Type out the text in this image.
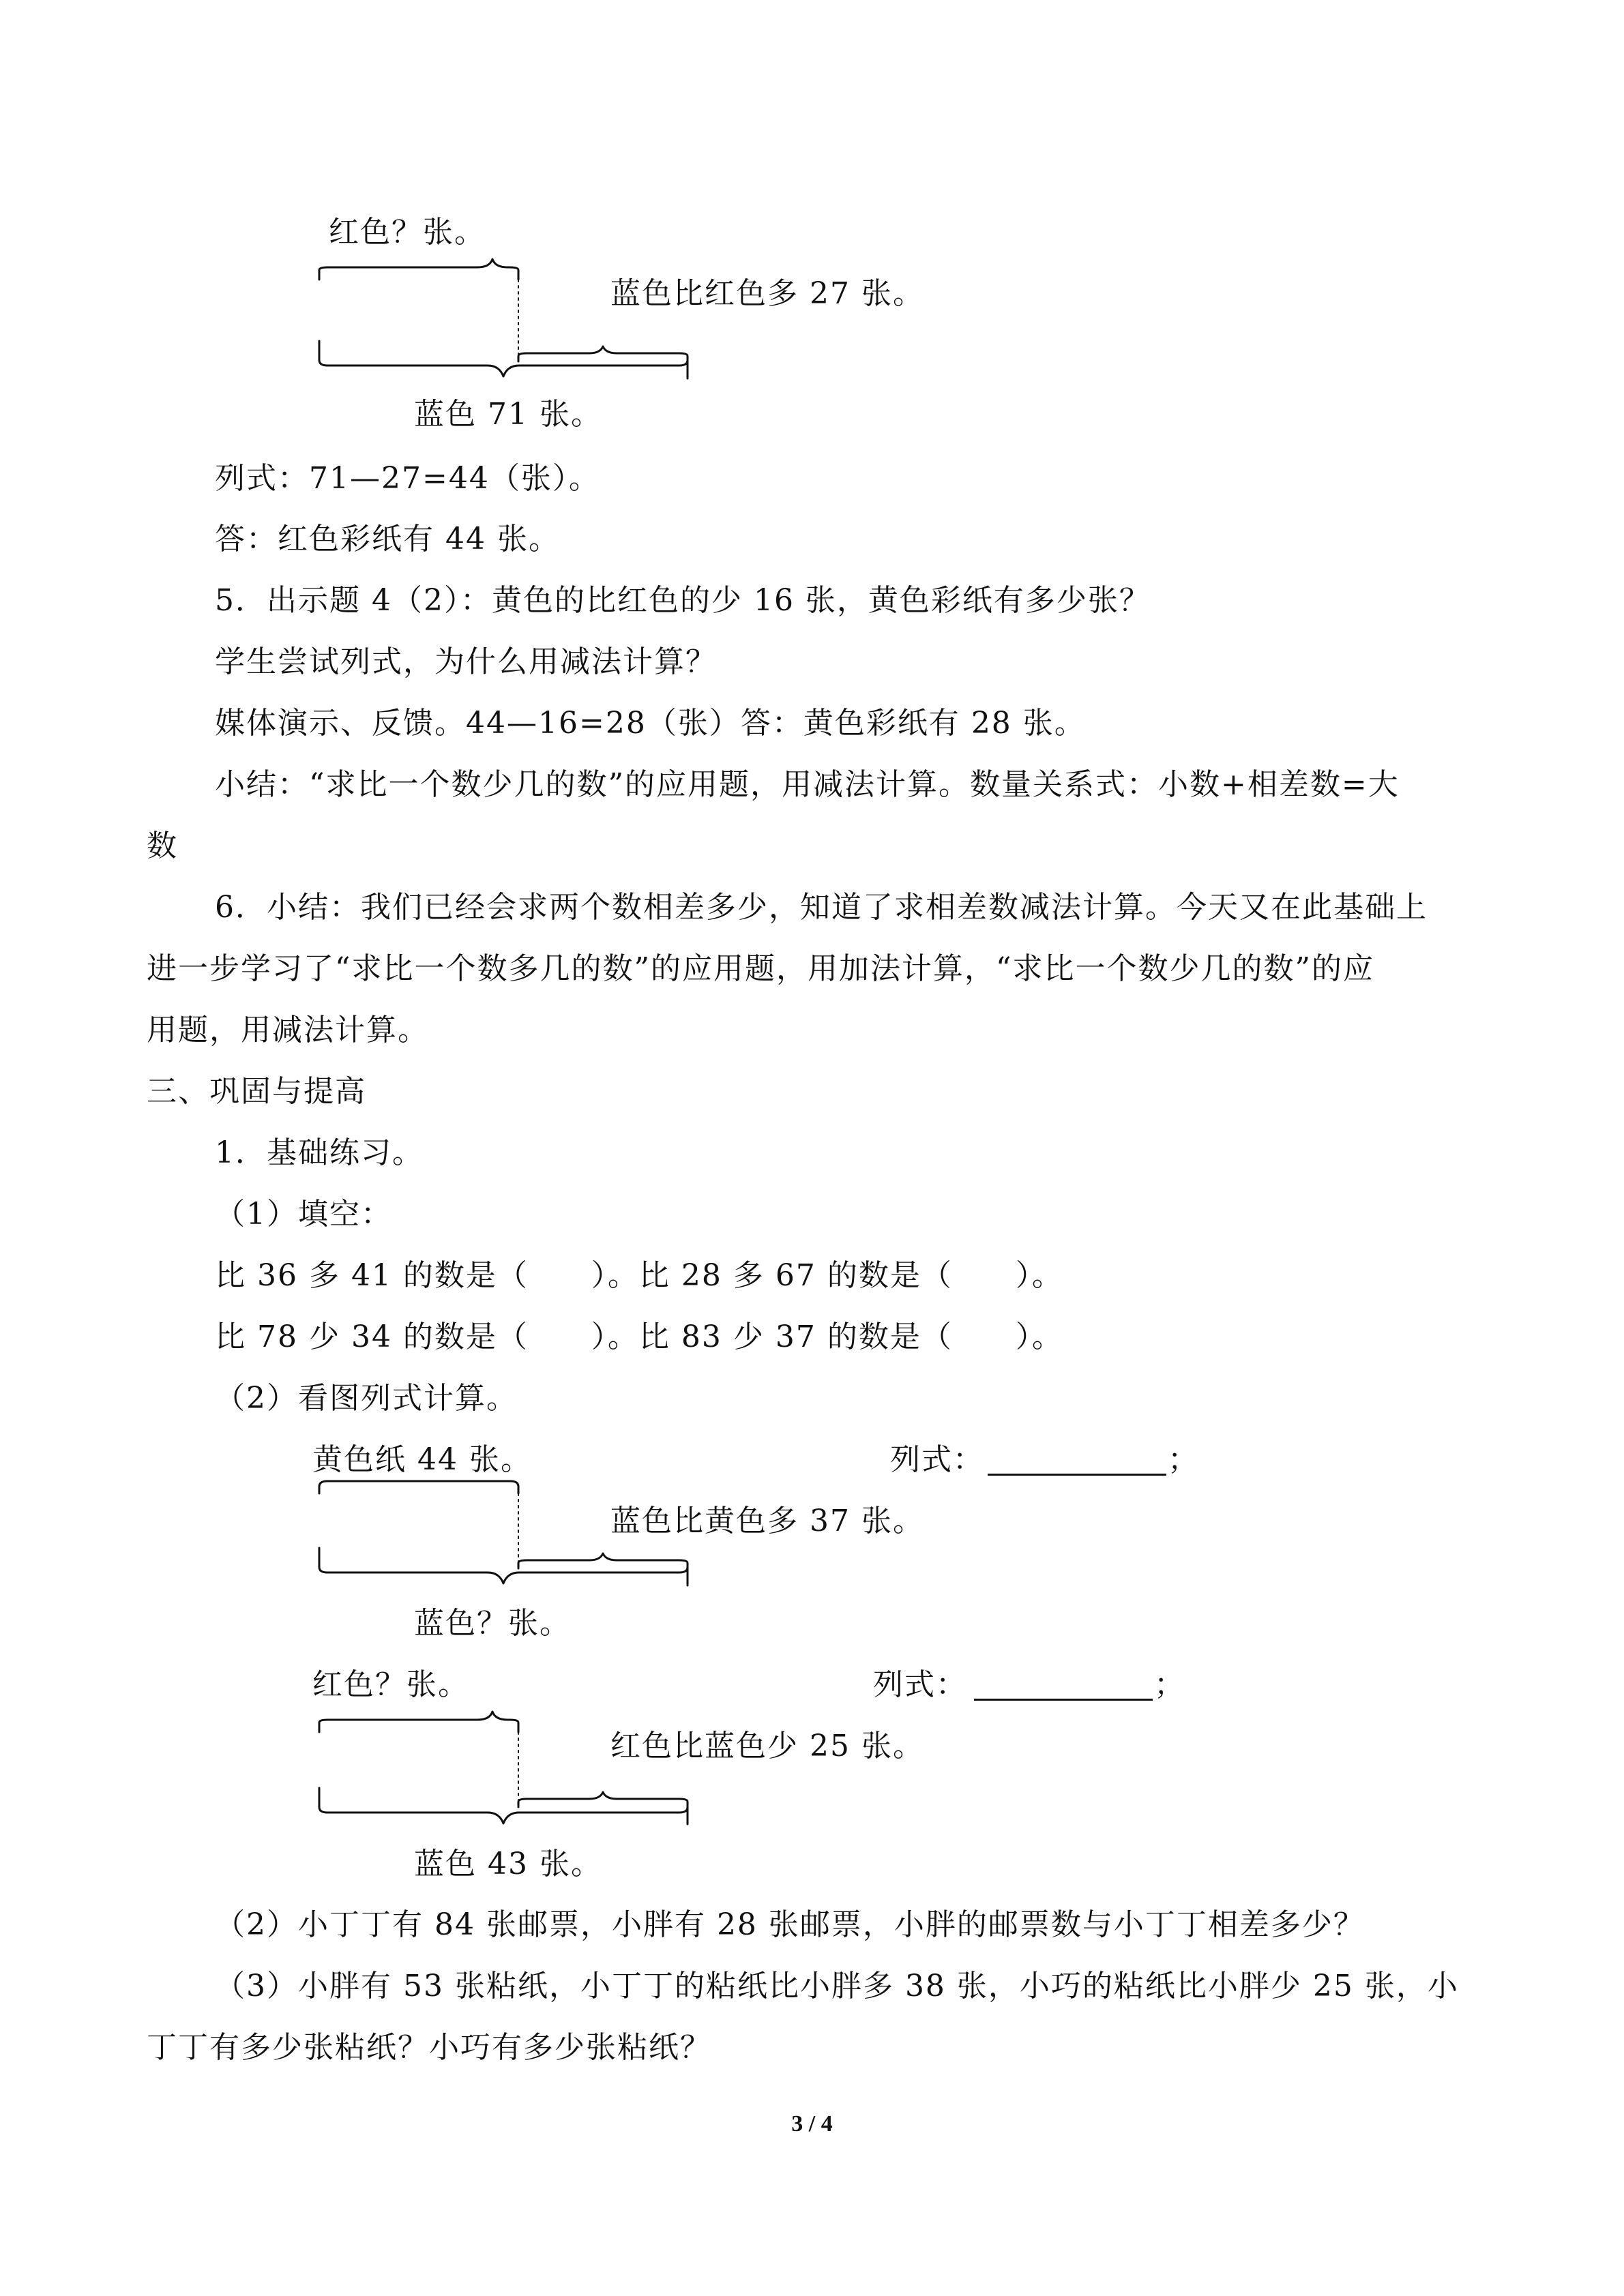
红色？张。
蓝色比红色多 27 张。
蓝色 71 张。
列式：71—27=44（张）。
答：红色彩纸有 44 张。
5．出示题 4（2）：黄色的比红色的少 16 张，黄色彩纸有多少张？
学生尝试列式，为什么用减法计算？
媒体演示、反馈。44—16=28（张）答：黄色彩纸有 28 张。
小结：“求比一个数少几的数”的应用题，用减法计算。数量关系式：小数+相差数=大
数
6．小结：我们已经会求两个数相差多少，知道了求相差数减法计算。今天又在此基础上
进一步学习了“求比一个数多几的数”的应用题，用加法计算，“求比一个数少几的数”的应
用题，用减法计算。
三、巩固与提高
1．基础练习。
（1）填空：
比 36 多 41 的数是（　　）。比 28 多 67 的数是（　　）。
比 78 少 34 的数是（　　）。比 83 少 37 的数是（　　）。
（2）看图列式计算。
黄色纸 44 张。	列式：	；
蓝色比黄色多 37 张。
蓝色？张。
红色？张。	列式：	；
红色比蓝色少 25 张。
蓝色 43 张。
（2）小丁丁有 84 张邮票，小胖有 28 张邮票，小胖的邮票数与小丁丁相差多少？
（3）小胖有 53 张粘纸，小丁丁的粘纸比小胖多 38 张，小巧的粘纸比小胖少 25 张，小
丁丁有多少张粘纸？小巧有多少张粘纸？
3 / 4
